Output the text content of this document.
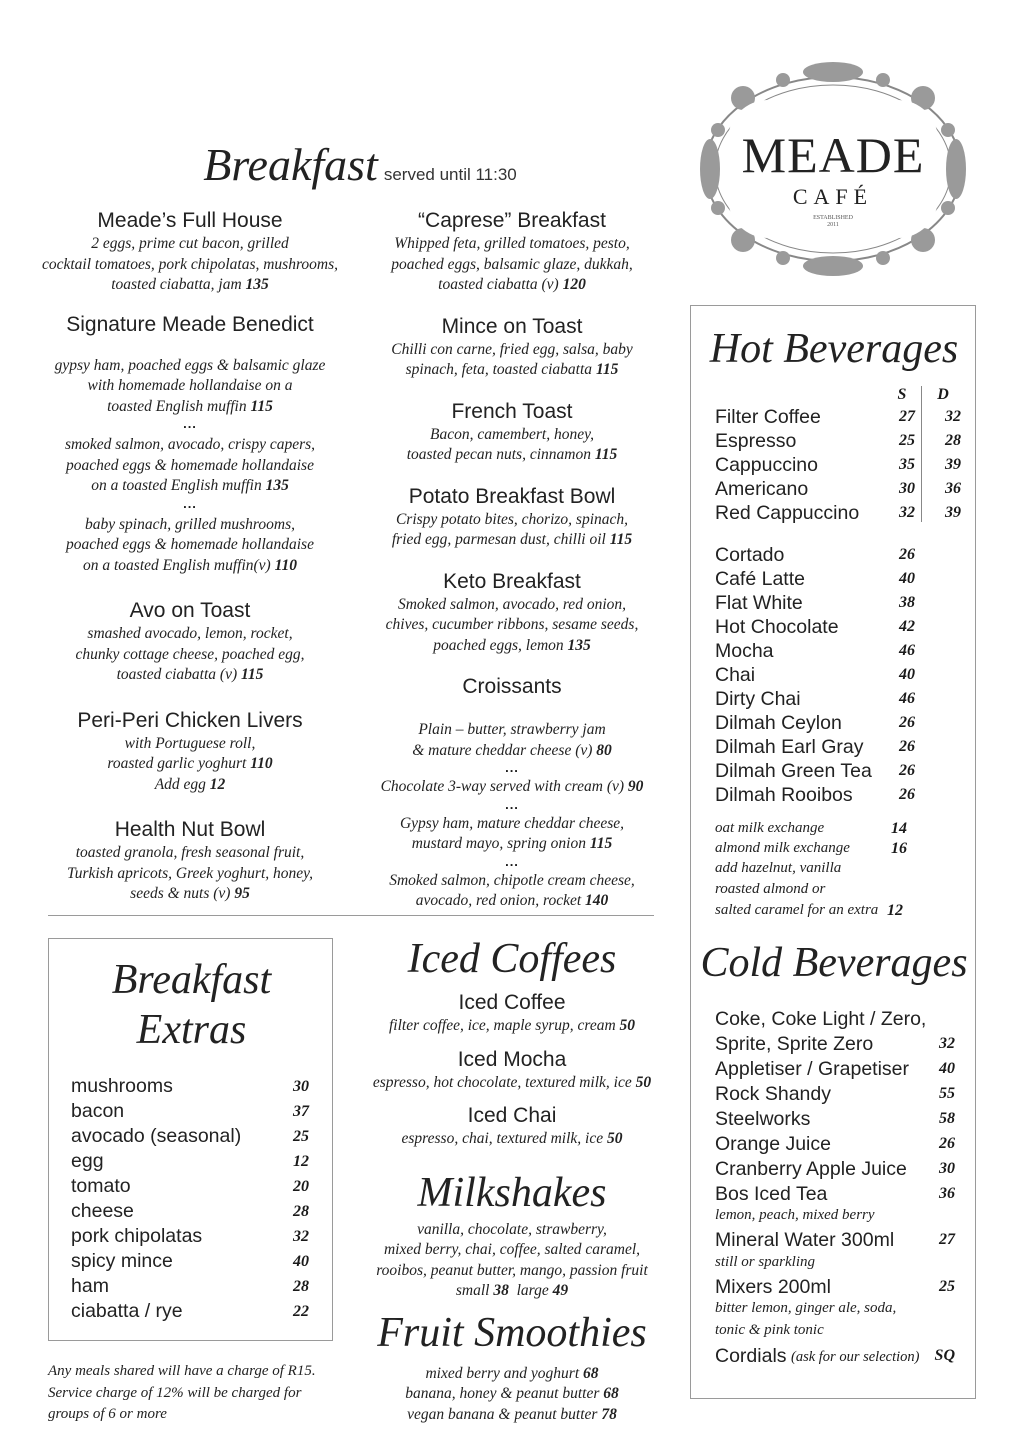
MEADE
CAFÉ
ESTABLISHED
2011
Breakfast served until 11:30
Meade’s Full House
2 eggs, prime cut bacon, grilled
cocktail tomatoes, pork chipolatas, mushrooms,
toasted ciabatta, jam 135
Signature Meade Benedict
gypsy ham, poached eggs & balsamic glaze
with homemade hollandaise on a
toasted English muffin 115
...
smoked salmon, avocado, crispy capers,
poached eggs & homemade hollandaise
on a toasted English muffin 135
...
baby spinach, grilled mushrooms,
poached eggs & homemade hollandaise
on a toasted English muffin(v) 110
Avo on Toast
smashed avocado, lemon, rocket,
chunky cottage cheese, poached egg,
toasted ciabatta (v) 115
Peri-Peri Chicken Livers
with Portuguese roll,
roasted garlic yoghurt 110
Add egg 12
Health Nut Bowl
toasted granola, fresh seasonal fruit,
Turkish apricots, Greek yoghurt, honey,
seeds & nuts (v) 95
“Caprese” Breakfast
Whipped feta, grilled tomatoes, pesto,
poached eggs, balsamic glaze, dukkah,
toasted ciabatta (v) 120
Mince on Toast
Chilli con carne, fried egg, salsa, baby
spinach, feta, toasted ciabatta 115
French Toast
Bacon, camembert, honey,
toasted pecan nuts, cinnamon 115
Potato Breakfast Bowl
Crispy potato bites, chorizo, spinach,
fried egg, parmesan dust, chilli oil 115
Keto Breakfast
Smoked salmon, avocado, red onion,
chives, cucumber ribbons, sesame seeds,
poached eggs, lemon 135
Croissants
Plain – butter, strawberry jam
& mature cheddar cheese (v) 80
...
Chocolate 3-way served with cream (v) 90
...
Gypsy ham, mature cheddar cheese,
mustard mayo, spring onion 115
...
Smoked salmon, chipotle cream cheese,
avocado, red onion, rocket 140
Breakfast
Extras
mushrooms	30
bacon	37
avocado (seasonal)	25
egg	12
tomato	20
cheese	28
pork chipolatas	32
spicy mince	40
ham	28
ciabatta / rye	22
Any meals shared will have a charge of R15.
Service charge of 12% will be charged for
groups of 6 or more
Iced Coffees
Iced Coffee
filter coffee, ice, maple syrup, cream 50
Iced Mocha
espresso, hot chocolate, textured milk, ice 50
Iced Chai
espresso, chai, textured milk, ice 50
Milkshakes
vanilla, chocolate, strawberry,
mixed berry, chai, coffee, salted caramel,
rooibos, peanut butter, mango, passion fruit
small 38 large 49
Fruit Smoothies
mixed berry and yoghurt 68
banana, honey & peanut butter 68
vegan banana & peanut butter 78
Hot Beverages
S	D
Filter Coffee	27	32
Espresso	25	28
Cappuccino	35	39
Americano	30	36
Red Cappuccino	32	39
Cortado	26
Café Latte	40
Flat White	38
Hot Chocolate	42
Mocha	46
Chai	40
Dirty Chai	46
Dilmah Ceylon	26
Dilmah Earl Gray	26
Dilmah Green Tea	26
Dilmah Rooibos	26
oat milk exchange	14
almond milk exchange	16
add hazelnut, vanilla
roasted almond or
salted caramel for an extra 12
Cold Beverages
Coke, Coke Light / Zero,
Sprite, Sprite Zero	32
Appletiser / Grapetiser	40
Rock Shandy	55
Steelworks	58
Orange Juice	26
Cranberry Apple Juice	30
Bos Iced Tea	36
lemon, peach, mixed berry
Mineral Water 300ml	27
still or sparkling
Mixers 200ml	25
bitter lemon, ginger ale, soda,
tonic & pink tonic
Cordials (ask for our selection) SQ
